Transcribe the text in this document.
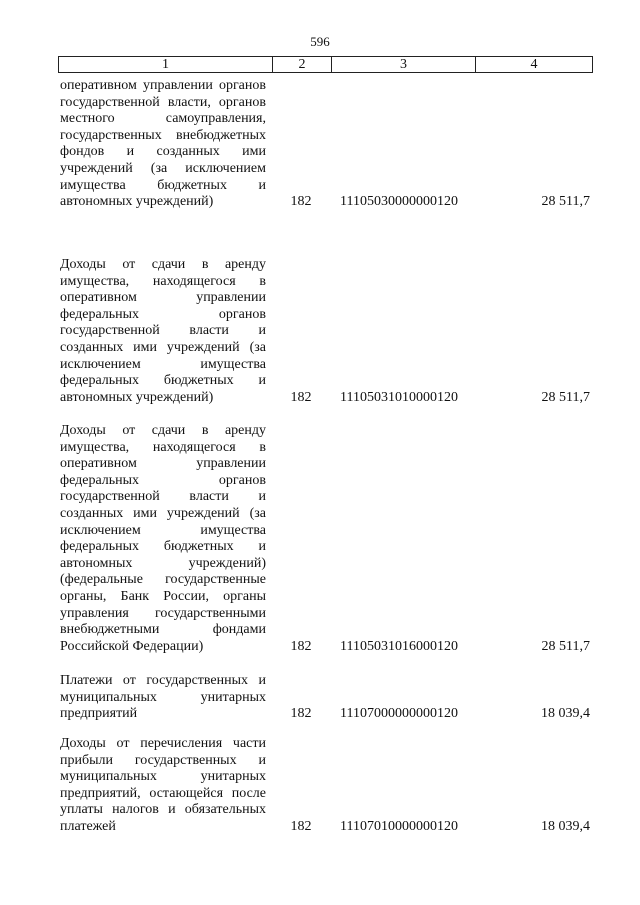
596
1	2	3	4
оперативном управлении органов государственной власти, органов местного самоуправления, государственных внебюджетных фондов и созданных ими учреждений (за исключением имущества бюджетных и автономных учреждений)	182	11105030000000120	28 511,7
Доходы от сдачи в аренду имущества, находящегося в оперативном управлении федеральных органов государственной власти и созданных ими учреждений (за исключением имущества федеральных бюджетных и автономных учреждений)	182	11105031010000120	28 511,7
Доходы от сдачи в аренду имущества, находящегося в оперативном управлении федеральных органов государственной власти и созданных ими учреждений (за исключением имущества федеральных бюджетных и автономных учреждений) (федеральные государственные органы, Банк России, органы управления государственными внебюджетными фондами Российской Федерации)	182	11105031016000120	28 511,7
Платежи от государственных и муниципальных унитарных предприятий	182	11107000000000120	18 039,4
Доходы от перечисления части прибыли государственных и муниципальных унитарных предприятий, остающейся после уплаты налогов и обязательных платежей	182	11107010000000120	18 039,4
